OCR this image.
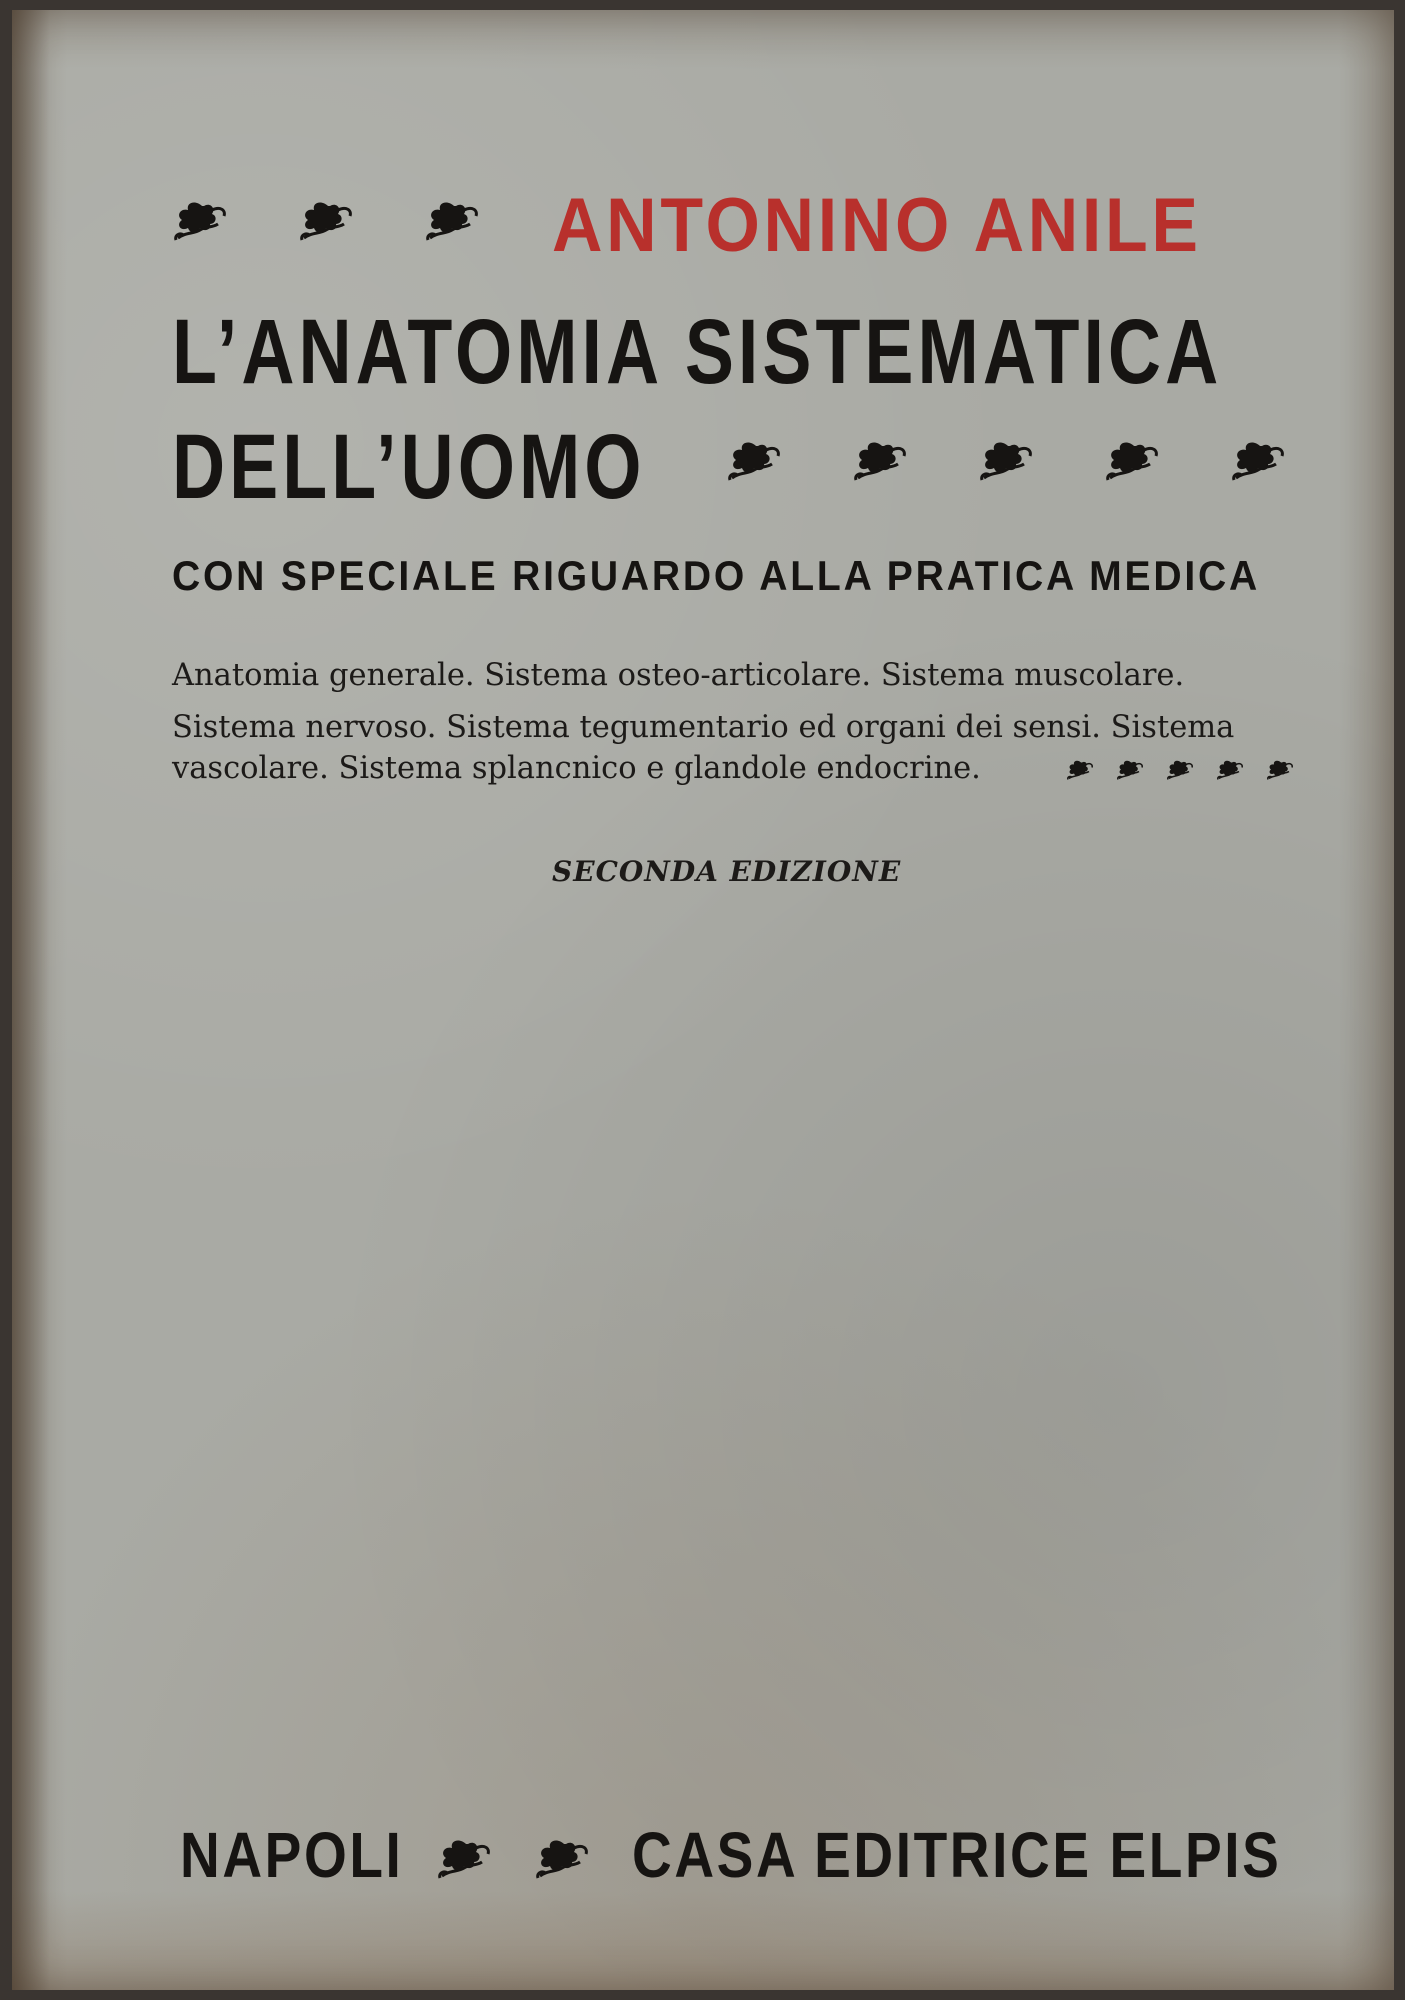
ANTONINO ANILE
L’ANATOMIA SISTEMATICA
DELL’UOMO
CON SPECIALE RIGUARDO ALLA PRATICA MEDICA
Anatomia generale. Sistema osteo-articolare. Sistema muscolare.
Sistema nervoso. Sistema tegumentario ed organi dei sensi. Sistema
vascolare. Sistema splancnico e glandole endocrine.
SECONDA EDIZIONE
NAPOLI	CASA EDITRICE ELPIS
